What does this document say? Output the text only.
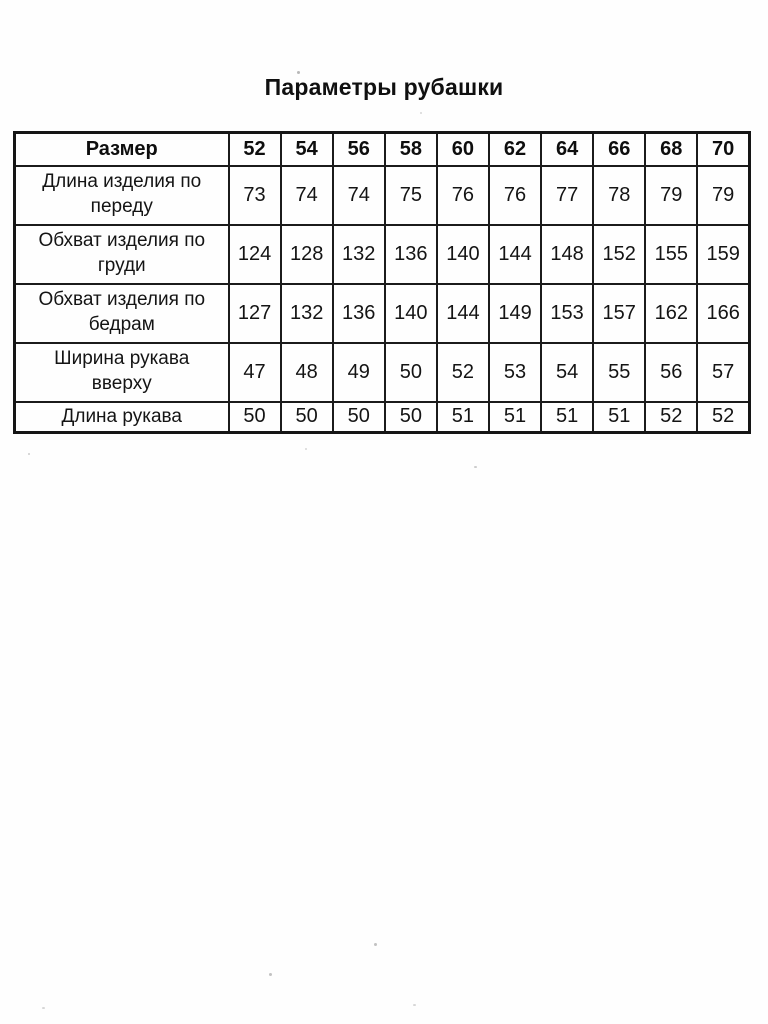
Параметры рубашки
Размер	52	54	56	58	60	62	64	66	68	70
Длина изделия по переду	73	74	74	75	76	76	77	78	79	79
Обхват изделия по груди	124	128	132	136	140	144	148	152	155	159
Обхват изделия по бедрам	127	132	136	140	144	149	153	157	162	166
Ширина рукава вверху	47	48	49	50	52	53	54	55	56	57
Длина рукава	50	50	50	50	51	51	51	51	52	52
